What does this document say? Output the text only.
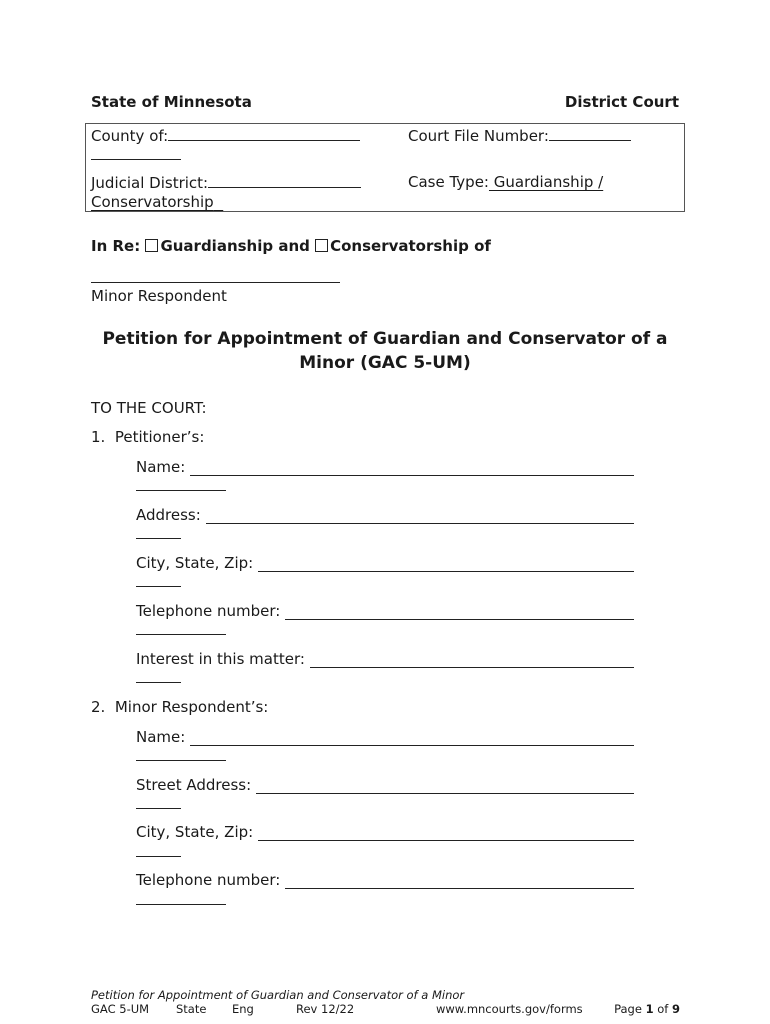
State of Minnesota	District Court
County of:	Court File Number:
Judicial District:	Case Type: Guardianship /
Conservatorship
In Re: Guardianship and Conservatorship of
Minor Respondent
Petition for Appointment of Guardian and Conservator of a Minor (GAC 5-UM)
TO THE COURT:
1.  Petitioner’s:
Name:
Address:
City, State, Zip:
Telephone number:
Interest in this matter:
2.  Minor Respondent’s:
Name:
Street Address:
City, State, Zip:
Telephone number:
Petition for Appointment of Guardian and Conservator of a Minor
GAC 5-UM State Eng	Rev 12/22	www.mncourts.gov/forms	Page 1 of 9
